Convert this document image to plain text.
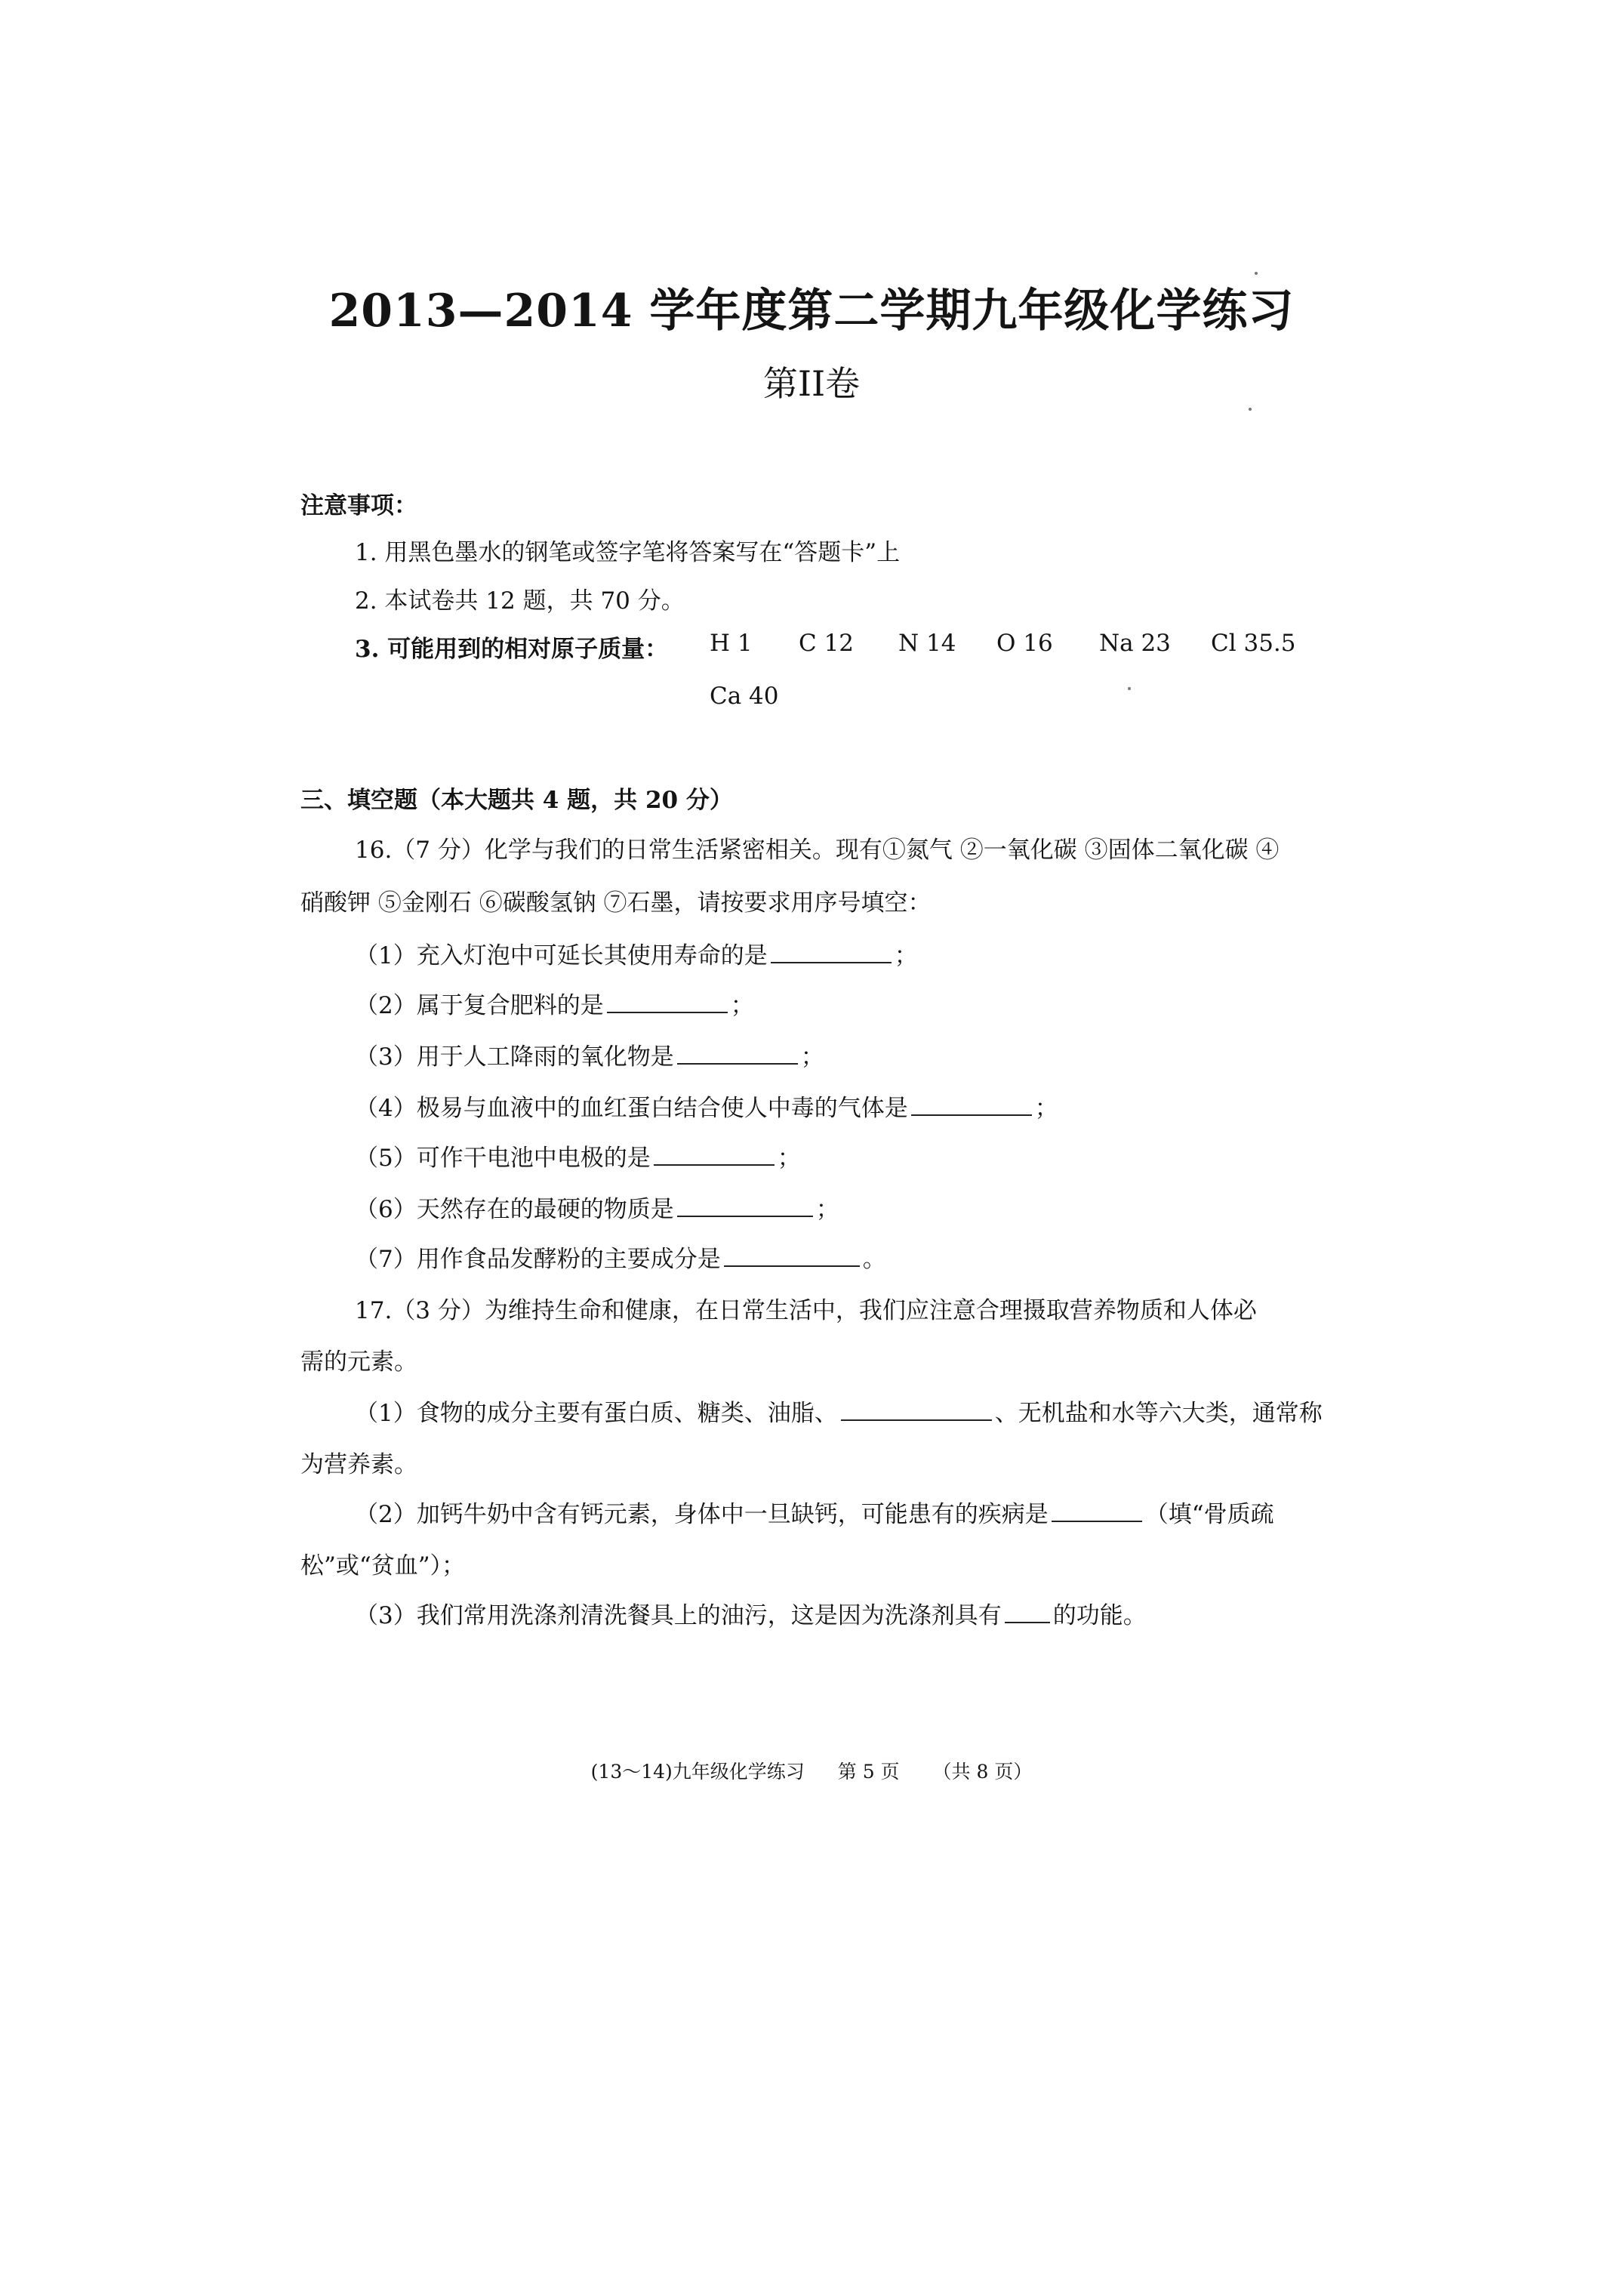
2013—2014 学年度第二学期九年级化学练习
第II卷
注意事项：
1. 用黑色墨水的钢笔或签字笔将答案写在“答题卡”上
2. 本试卷共 12 题，共 70 分。
3. 可能用到的相对原子质量： H 1 C 12 N 14 O 16 Na 23 Cl 35.5
Ca 40
三、填空题（本大题共 4 题，共 20 分）
16.（7 分）化学与我们的日常生活紧密相关。现有①氮气 ②一氧化碳 ③固体二氧化碳 ④
硝酸钾 ⑤金刚石 ⑥碳酸氢钠 ⑦石墨，请按要求用序号填空：
（1）充入灯泡中可延长其使用寿命的是	；
（2）属于复合肥料的是	；
（3）用于人工降雨的氧化物是	；
（4）极易与血液中的血红蛋白结合使人中毒的气体是	；
（5）可作干电池中电极的是	；
（6）天然存在的最硬的物质是	；
（7）用作食品发酵粉的主要成分是	。
17.（3 分）为维持生命和健康，在日常生活中，我们应注意合理摄取营养物质和人体必
需的元素。
（1）食物的成分主要有蛋白质、糖类、油脂、	、无机盐和水等六大类，通常称
为营养素。
（2）加钙牛奶中含有钙元素，身体中一旦缺钙，可能患有的疾病是	（填“骨质疏
松”或“贫血”）；
（3）我们常用洗涤剂清洗餐具上的油污，这是因为洗涤剂具有 的功能。
(13～14)九年级化学练习 第 5 页 （共 8 页）
